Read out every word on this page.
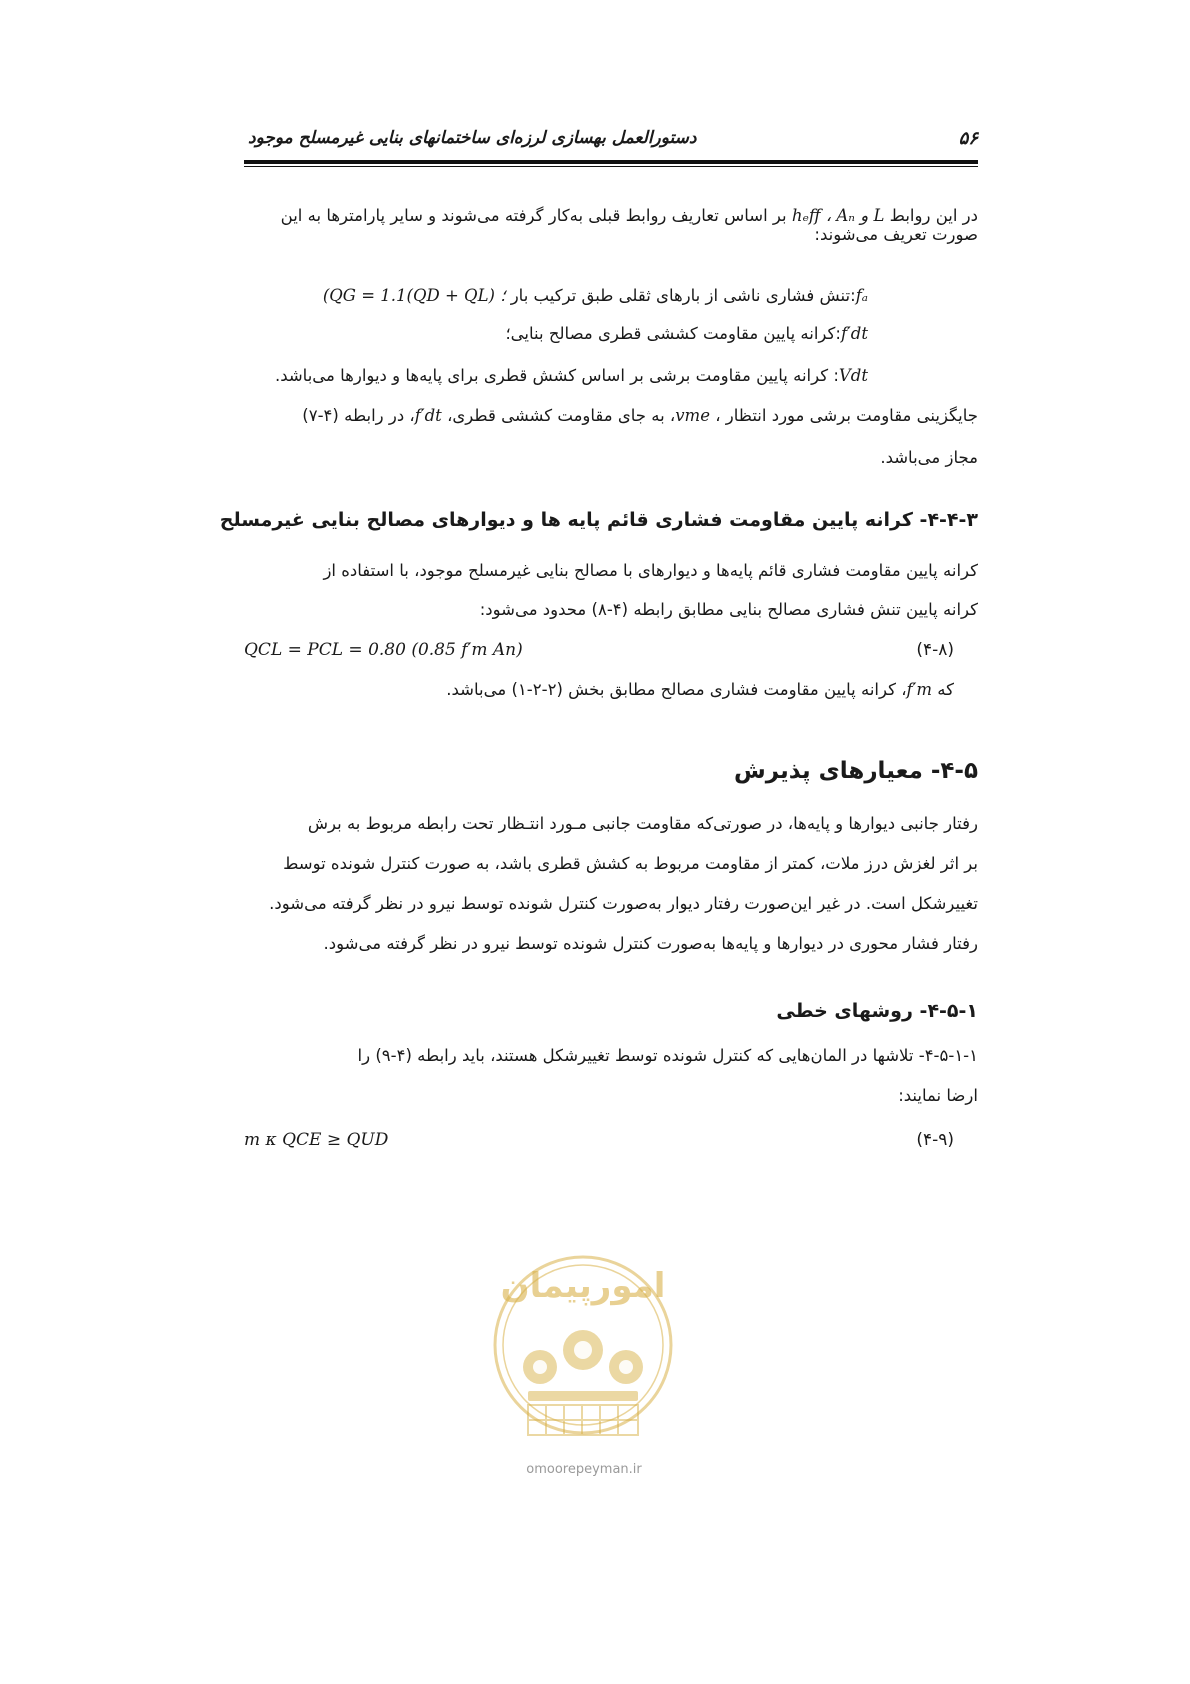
۵۶
دستورالعمل بهسازی لرزه‌ای ساختمانهای بنایی غیرمسلح موجود
در این روابط hₑff ، Aₙ و L بر اساس تعاریف روابط قبلی به‌کار گرفته می‌شوند و سایر پارامترها به این صورت تعریف می‌شوند:
fₐ:تنش فشاری ناشی از بارهای ثقلی طبق ترکیب بار (QG = 1.1(QD + QL) ؛
f′dt:کرانه پایین مقاومت کششی قطری مصالح بنایی؛
Vdt: کرانه پایین مقاومت برشی بر اساس کشش قطری برای پایه‌ها و دیوارها می‌باشد.
جایگزینی مقاومت برشی مورد انتظار ، vme، به جای مقاومت کششی قطری، f′dt، در رابطه (۴-۷)
مجاز می‌باشد.
۴-۴-۳- کرانه پایین مقاومت فشاری قائم پایه ها و دیوارهای مصالح بنایی غیرمسلح
کرانه پایین مقاومت فشاری قائم پایه‌ها و دیوارهای با مصالح بنایی غیرمسلح موجود، با استفاده از
کرانه پایین تنش فشاری مصالح بنایی مطابق رابطه (۴-۸) محدود می‌شود:
QCL = PCL = 0.80 (0.85 f′m An)	(۴-۸)
که f′m، کرانه پایین مقاومت فشاری مصالح مطابق بخش (۲-۲-۱) می‌باشد.
۴-۵- معیارهای پذیرش
رفتار جانبی دیوارها و پایه‌ها، در صورتی‌که مقاومت جانبی مـورد انتـظار تحت رابطه مربوط به برش
بر اثر لغزش درز ملات، کمتر از مقاومت مربوط به کشش قطری باشد، به صورت کنترل شونده توسط
تغییرشکل است. در غیر این‌صورت رفتار دیوار به‌صورت کنترل شونده توسط نیرو در نظر گرفته می‌شود.
رفتار فشار محوری در دیوارها و پایه‌ها به‌صورت کنترل شونده توسط نیرو در نظر گرفته می‌شود.
۴-۵-۱- روشهای خطی
۴-۵-۱-۱- تلاشها در المان‌هایی که کنترل شونده توسط تغییرشکل هستند، باید رابطه (۴-۹) را
ارضا نمایند:
m κ QCE ≥ QUD	(۴-۹)
امورپیمان
omoorepeyman.ir
